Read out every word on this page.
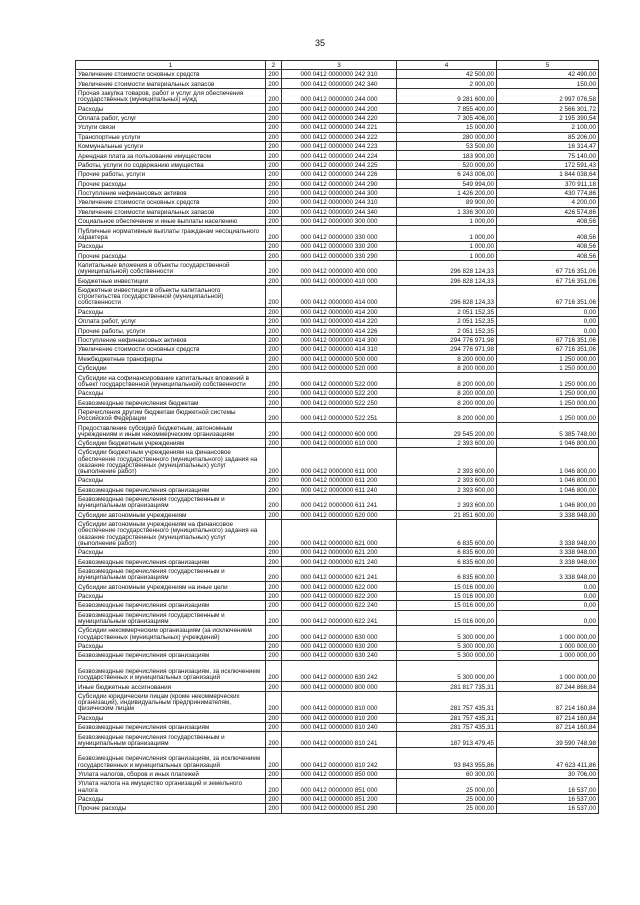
35
1	2	3	4	5
Увеличение стоимости основных средств	200	000 0412 0000000 242 310	42 500,00	42 490,00
Увеличение стоимости материальных запасов	200	000 0412 0000000 242 340	2 000,00	150,00
Прочая закупка товаров, работ и услуг для обеспечения государственных (муниципальных) нужд	200	000 0412 0000000 244 000	9 281 600,00	2 997 076,58
Расходы	200	000 0412 0000000 244 200	7 855 400,00	2 566 301,72
Оплата работ, услуг	200	000 0412 0000000 244 220	7 305 406,00	2 195 390,54
Услуги связи	200	000 0412 0000000 244 221	15 000,00	2 100,00
Транспортные услуги	200	000 0412 0000000 244 222	280 000,00	85 206,00
Коммунальные услуги	200	000 0412 0000000 244 223	53 500,00	16 314,47
Арендная плата за пользование имуществом	200	000 0412 0000000 244 224	183 900,00	75 140,00
Работы, услуги по содержанию имущества	200	000 0412 0000000 244 225	520 000,00	172 591,43
Прочие работы, услуги	200	000 0412 0000000 244 226	6 243 006,00	1 844 038,64
Прочие расходы	200	000 0412 0000000 244 290	549 994,00	370 911,18
Поступление нефинансовых активов	200	000 0412 0000000 244 300	1 426 200,00	430 774,86
Увеличение стоимости основных средств	200	000 0412 0000000 244 310	89 900,00	4 200,00
Увеличение стоимости материальных запасов	200	000 0412 0000000 244 340	1 336 300,00	426 574,86
Социальное обеспечение и иные выплаты населению	200	000 0412 0000000 300 000	1 000,00	408,56
Публичные нормативные выплаты гражданам несоциального характера	200	000 0412 0000000 330 000	1 000,00	408,56
Расходы	200	000 0412 0000000 330 200	1 000,00	408,56
Прочие расходы	200	000 0412 0000000 330 290	1 000,00	408,56
Капитальные вложения в объекты государственной (муниципальной) собственности	200	000 0412 0000000 400 000	296 828 124,33	67 716 351,06
Бюджетные инвестиции	200	000 0412 0000000 410 000	296 828 124,33	67 716 351,06
Бюджетные инвестиции в объекты капитального строительства государственной (муниципальной) собственности	200	000 0412 0000000 414 000	296 828 124,33	67 716 351,06
Расходы	200	000 0412 0000000 414 200	2 051 152,35	0,00
Оплата работ, услуг	200	000 0412 0000000 414 220	2 051 152,35	0,00
Прочие работы, услуги	200	000 0412 0000000 414 226	2 051 152,35	0,00
Поступление нефинансовых активов	200	000 0412 0000000 414 300	294 776 971,98	67 716 351,06
Увеличение стоимости основных средств	200	000 0412 0000000 414 310	294 776 971,98	67 716 351,06
Межбюджетные трансферты	200	000 0412 0000000 500 000	8 200 000,00	1 250 000,00
Субсидии	200	000 0412 0000000 520 000	8 200 000,00	1 250 000,00
Субсидии на софинансирование капитальных вложений в объект государственной (муниципальной) собственности	200	000 0412 0000000 522 000	8 200 000,00	1 250 000,00
Расходы	200	000 0412 0000000 522 200	8 200 000,00	1 250 000,00
Безвозмездные перечисления бюджетам	200	000 0412 0000000 522 250	8 200 000,00	1 250 000,00
Перечисления другим бюджетам бюджетной системы Российской Федерации	200	000 0412 0000000 522 251	8 200 000,00	1 250 000,00
Предоставление субсидий бюджетным, автономным учреждениям и иным некоммерческим организациям	200	000 0412 0000000 600 000	29 545 200,00	5 385 748,00
Субсидии бюджетным учреждениям	200	000 0412 0000000 610 000	2 393 600,00	1 046 800,00
Субсидии бюджетным учреждениям на финансовое обеспечение государственного (муниципального) задания на оказание государственных (муниципальных) услуг (выполнение работ)	200	000 0412 0000000 611 000	2 393 600,00	1 046 800,00
Расходы	200	000 0412 0000000 611 200	2 393 600,00	1 046 800,00
Безвозмездные перечисления организациям	200	000 0412 0000000 611 240	2 393 600,00	1 046 800,00
Безвозмездные перечисления государственным и муниципальным организациям	200	000 0412 0000000 611 241	2 393 600,00	1 046 800,00
Субсидии автономным учреждениям	200	000 0412 0000000 620 000	21 851 600,00	3 338 948,00
Субсидии автономным учреждениям на финансовое обеспечение государственного (муниципального) задания на оказание государственных (муниципальных) услуг (выполнение работ)	200	000 0412 0000000 621 000	6 835 600,00	3 338 948,00
Расходы	200	000 0412 0000000 621 200	6 835 600,00	3 338 948,00
Безвозмездные перечисления организациям	200	000 0412 0000000 621 240	6 835 600,00	3 338 948,00
Безвозмездные перечисления государственным и муниципальным организациям	200	000 0412 0000000 621 241	6 835 600,00	3 338 948,00
Субсидии автономным учреждениям на иные цели	200	000 0412 0000000 622 000	15 016 000,00	0,00
Расходы	200	000 0412 0000000 622 200	15 016 000,00	0,00
Безвозмездные перечисления организациям	200	000 0412 0000000 622 240	15 016 000,00	0,00
Безвозмездные перечисления государственным и муниципальным организациям	200	000 0412 0000000 622 241	15 016 000,00	0,00
Субсидии некоммерческим организациям (за исключением государственных (муниципальных) учреждений)	200	000 0412 0000000 630 000	5 300 000,00	1 000 000,00
Расходы	200	000 0412 0000000 630 200	5 300 000,00	1 000 000,00
Безвозмездные перечисления организациям	200	000 0412 0000000 630 240	5 300 000,00	1 000 000,00
Безвозмездные перечисления организациям, за исключением государственных и муниципальных организаций	200	000 0412 0000000 630 242	5 300 000,00	1 000 000,00
Иные бюджетные ассигнования	200	000 0412 0000000 800 000	281 817 735,31	87 244 866,84
Субсидии юридическим лицам (кроме некоммерческих организаций), индивидуальным предпринимателям, физическим лицам	200	000 0412 0000000 810 000	281 757 435,31	87 214 160,84
Расходы	200	000 0412 0000000 810 200	281 757 435,31	87 214 160,84
Безвозмездные перечисления организациям	200	000 0412 0000000 810 240	281 757 435,31	87 214 160,84
Безвозмездные перечисления государственным и муниципальным организациям	200	000 0412 0000000 810 241	187 913 479,45	39 590 748,98
Безвозмездные перечисления организациям, за исключением государственных и муниципальных организаций	200	000 0412 0000000 810 242	93 843 955,86	47 623 411,86
Уплата налогов, сборов и иных платежей	200	000 0412 0000000 850 000	60 300,00	30 706,00
Уплата налога на имущество организаций и земельного налога	200	000 0412 0000000 851 000	25 000,00	16 537,00
Расходы	200	000 0412 0000000 851 200	25 000,00	16 537,00
Прочие расходы	200	000 0412 0000000 851 290	25 000,00	16 537,00
